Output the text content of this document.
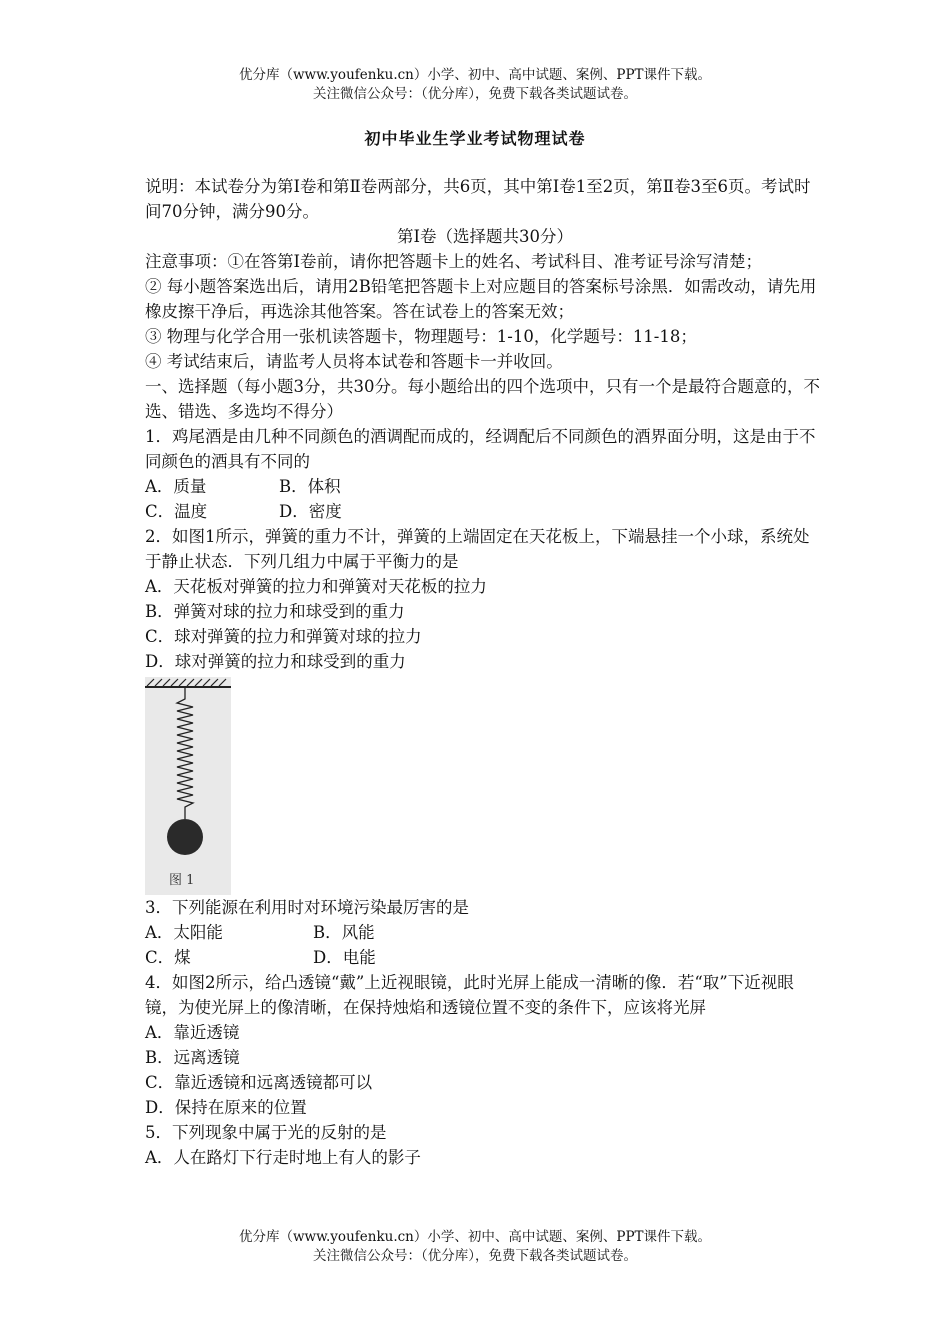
优分库（www.youfenku.cn）小学、初中、高中试题、案例、PPT课件下载。
关注微信公众号：（优分库），免费下载各类试题试卷。
初中毕业生学业考试物理试卷

说明：本试卷分为第Ⅰ卷和第Ⅱ卷两部分，共6页，其中第Ⅰ卷1至2页，第Ⅱ卷3至6页。考试时间70分钟，满分90分。

第Ⅰ卷（选择题共30分）

注意事项：①在答第Ⅰ卷前，请你把答题卡上的姓名、考试科目、准考证号涂写清楚；

② 每小题答案选出后，请用2B铅笔把答题卡上对应题目的答案标号涂黑．如需改动，请先用橡皮擦干净后，再选涂其他答案。答在试卷上的答案无效；

③ 物理与化学合用一张机读答题卡，物理题号：1-10，化学题号：11-18；

④ 考试结束后，请监考人员将本试卷和答题卡一并收回。

一、选择题（每小题3分，共30分。每小题给出的四个选项中，只有一个是最符合题意的，不选、错选、多选均不得分）

1．鸡尾酒是由几种不同颜色的酒调配而成的，经调配后不同颜色的酒界面分明，这是由于不同颜色的酒具有不同的

A．质量	B．体积
C．温度	D．密度

2．如图1所示，弹簧的重力不计，弹簧的上端固定在天花板上，下端悬挂一个小球，系统处于静止状态．下列几组力中属于平衡力的是

A．天花板对弹簧的拉力和弹簧对天花板的拉力

B．弹簧对球的拉力和球受到的重力

C．球对弹簧的拉力和弹簧对球的拉力

D．球对弹簧的拉力和球受到的重力

图 1

3．下列能源在利用时对环境污染最厉害的是

A．太阳能	B．风能
C．煤	D．电能

4．如图2所示，给凸透镜“戴”上近视眼镜，此时光屏上能成一清晰的像．若“取”下近视眼镜，为使光屏上的像清晰，在保持烛焰和透镜位置不变的条件下，应该将光屏

A．靠近透镜

B．远离透镜

C．靠近透镜和远离透镜都可以

D．保持在原来的位置

5．下列现象中属于光的反射的是

A．人在路灯下行走时地上有人的影子

优分库（www.youfenku.cn）小学、初中、高中试题、案例、PPT课件下载。
关注微信公众号：（优分库），免费下载各类试题试卷。
